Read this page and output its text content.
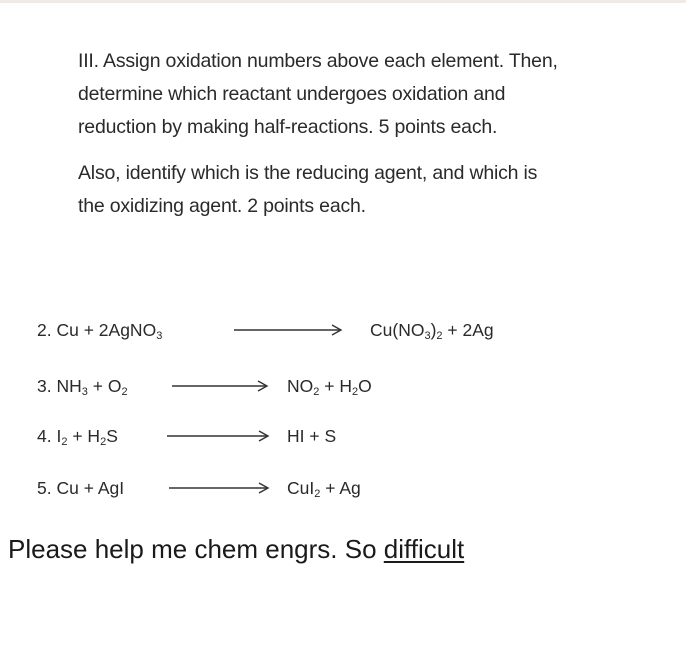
III. Assign oxidation numbers above each element. Then, determine which reactant undergoes oxidation and reduction by making half-reactions. 5 points each.

Also, identify which is the reducing agent, and which is the oxidizing agent. 2 points each.

2. Cu + 2AgNO$_3$	$Cu(NO_3)_2 + 2Ag$
3. $NH_3 + O_2$	$NO_2 + H_2O$
4. $I_2 + H_2S$	HI + S
5. Cu + AgI	CuI$_2$ + Ag
Please help me chem engrs. So difficult
